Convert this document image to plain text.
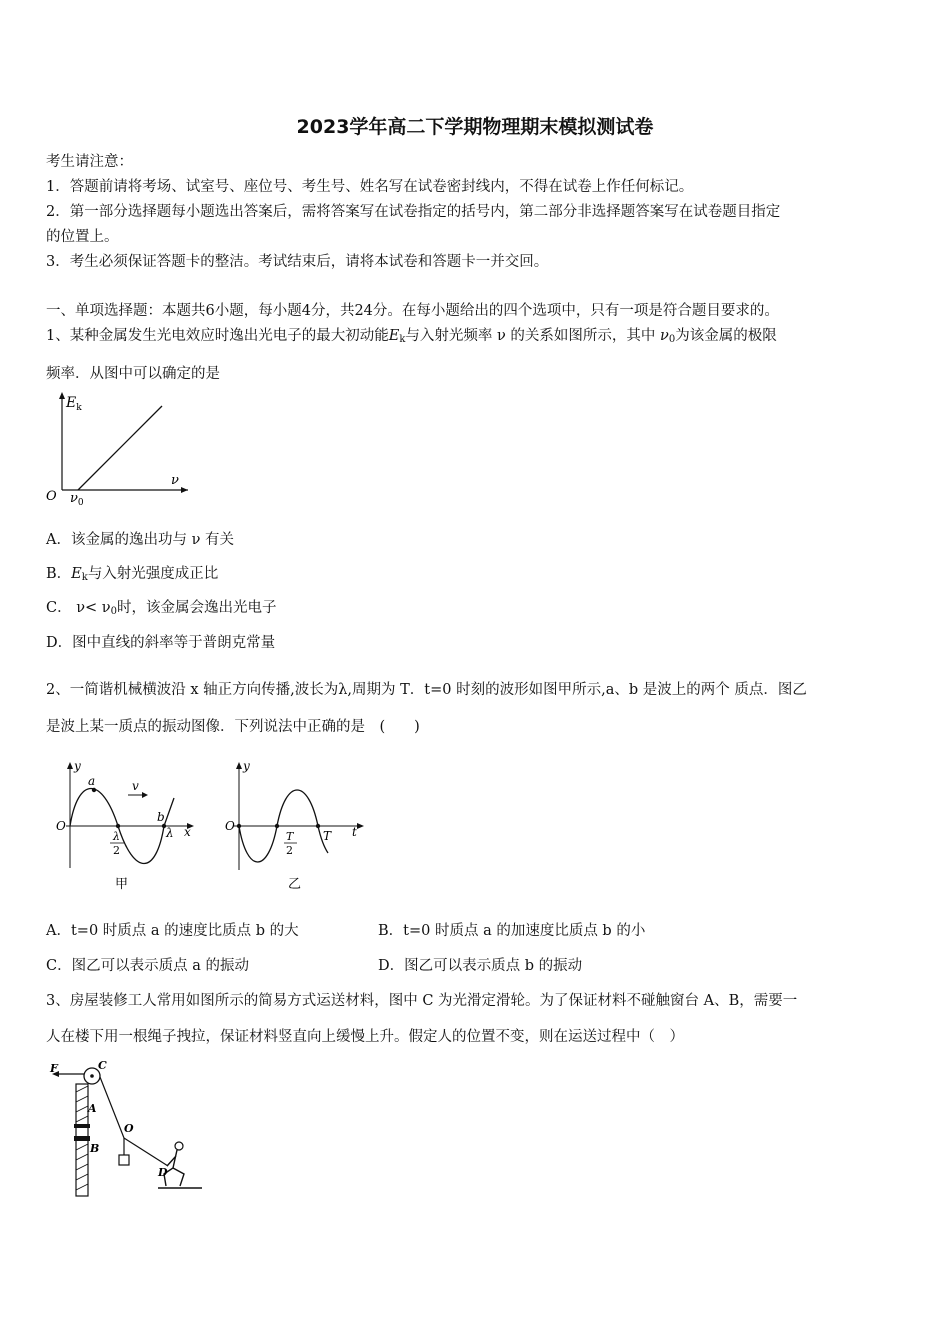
2023学年高二下学期物理期末模拟测试卷
考生请注意：
1．答题前请将考场、试室号、座位号、考生号、姓名写在试卷密封线内，不得在试卷上作任何标记。
2．第一部分选择题每小题选出答案后，需将答案写在试卷指定的括号内，第二部分非选择题答案写在试卷题目指定
的位置上。
3．考生必须保证答题卡的整洁。考试结束后，请将本试卷和答题卡一并交回。
一、单项选择题：本题共6小题，每小题4分，共24分。在每小题给出的四个选项中，只有一项是符合题目要求的。
1、某种金属发生光电效应时逸出光电子的最大初动能$E_k$与入射光频率 ν 的关系如图所示，其中 $\nu_0$为该金属的极限
频率．从图中可以确定的是
$E_k$
ν
O $\nu_0$
A．该金属的逸出功与 ν 有关
B．$E_k$与入射光强度成正比
C． $\nu< \nu_0$时，该金属会逸出光电子
D．图中直线的斜率等于普朗克常量
2、一简谐机械横波沿 x 轴正方向传播,波长为λ,周期为 T．t=0 时刻的波形如图甲所示,a、b 是波上的两个 质点．图乙
是波上某一质点的振动图像．下列说法中正确的是　(　　)
y
a	v
b
O
λ
2
λ x
甲
y
O
T
2
T t
乙
A．t=0 时质点 a 的速度比质点 b 的大	B．t=0 时质点 a 的加速度比质点 b 的小
C．图乙可以表示质点 a 的振动	D．图乙可以表示质点 b 的振动
3、房屋装修工人常用如图所示的简易方式运送材料，图中 C 为光滑定滑轮。为了保证材料不碰触窗台 A、B，需要一
人在楼下用一根绳子拽拉，保证材料竖直向上缓慢上升。假定人的位置不变，则在运送过程中（　）
F	C
A
B
O
D
